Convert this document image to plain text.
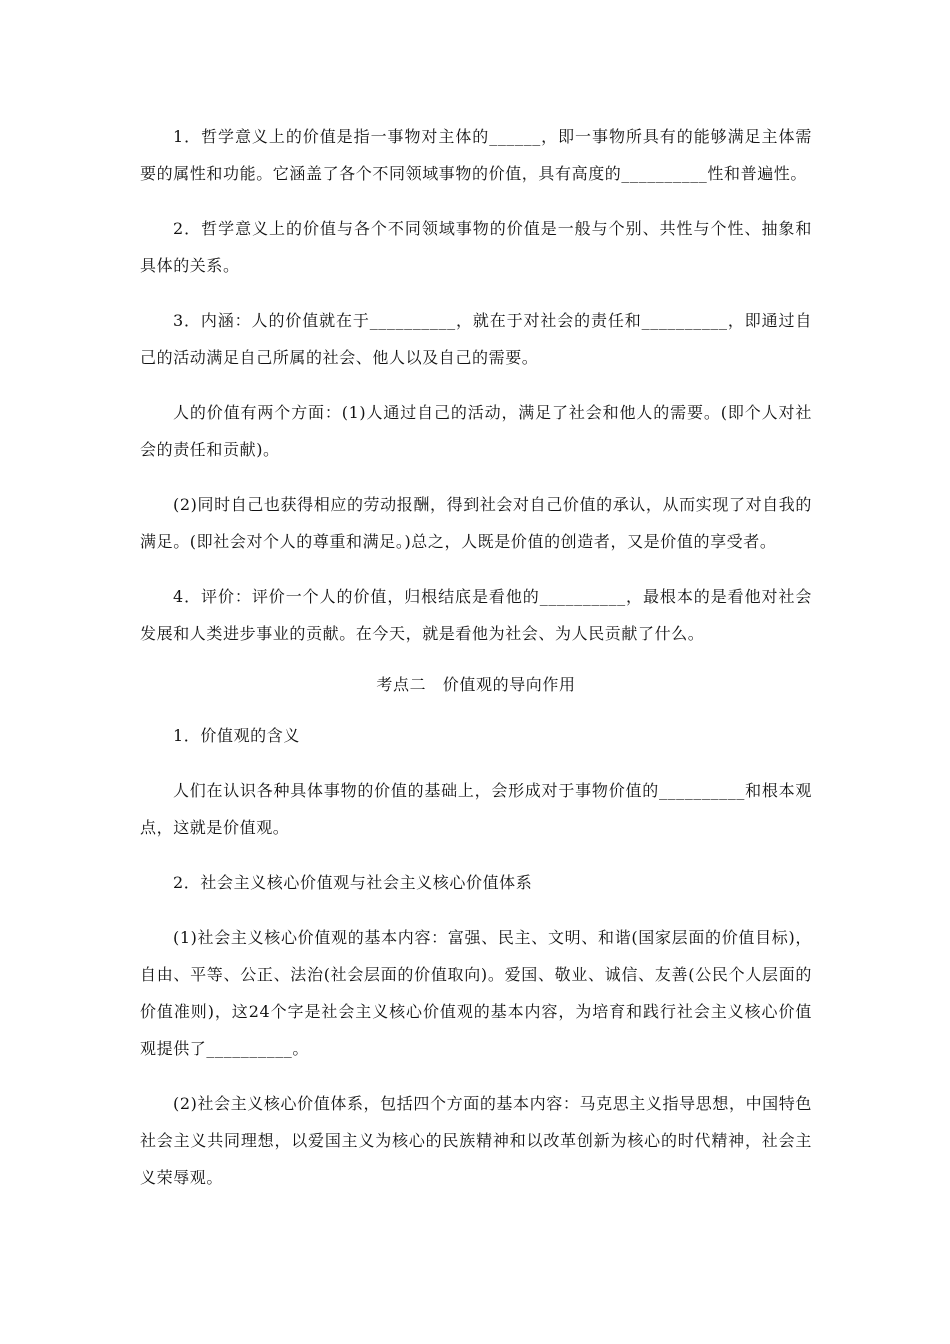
1．哲学意义上的价值是指一事物对主体的______，即一事物所具有的能够满足主体需要的属性和功能。它涵盖了各个不同领域事物的价值，具有高度的__________性和普遍性。

2．哲学意义上的价值与各个不同领域事物的价值是一般与个别、共性与个性、抽象和具体的关系。

3．内涵：人的价值就在于__________，就在于对社会的责任和__________，即通过自己的活动满足自己所属的社会、他人以及自己的需要。

人的价值有两个方面：(1)人通过自己的活动，满足了社会和他人的需要。(即个人对社会的责任和贡献)。

(2)同时自己也获得相应的劳动报酬，得到社会对自己价值的承认，从而实现了对自我的满足。(即社会对个人的尊重和满足。)总之，人既是价值的创造者，又是价值的享受者。

4．评价：评价一个人的价值，归根结底是看他的__________，最根本的是看他对社会发展和人类进步事业的贡献。在今天，就是看他为社会、为人民贡献了什么。

考点二　价值观的导向作用

1．价值观的含义

人们在认识各种具体事物的价值的基础上，会形成对于事物价值的__________和根本观点，这就是价值观。

2．社会主义核心价值观与社会主义核心价值体系

(1)社会主义核心价值观的基本内容：富强、民主、文明、和谐(国家层面的价值目标)，自由、平等、公正、法治(社会层面的价值取向)。爱国、敬业、诚信、友善(公民个人层面的价值准则)，这24个字是社会主义核心价值观的基本内容，为培育和践行社会主义核心价值观提供了__________。

(2)社会主义核心价值体系，包括四个方面的基本内容：马克思主义指导思想，中国特色社会主义共同理想，以爱国主义为核心的民族精神和以改革创新为核心的时代精神，社会主义荣辱观。
